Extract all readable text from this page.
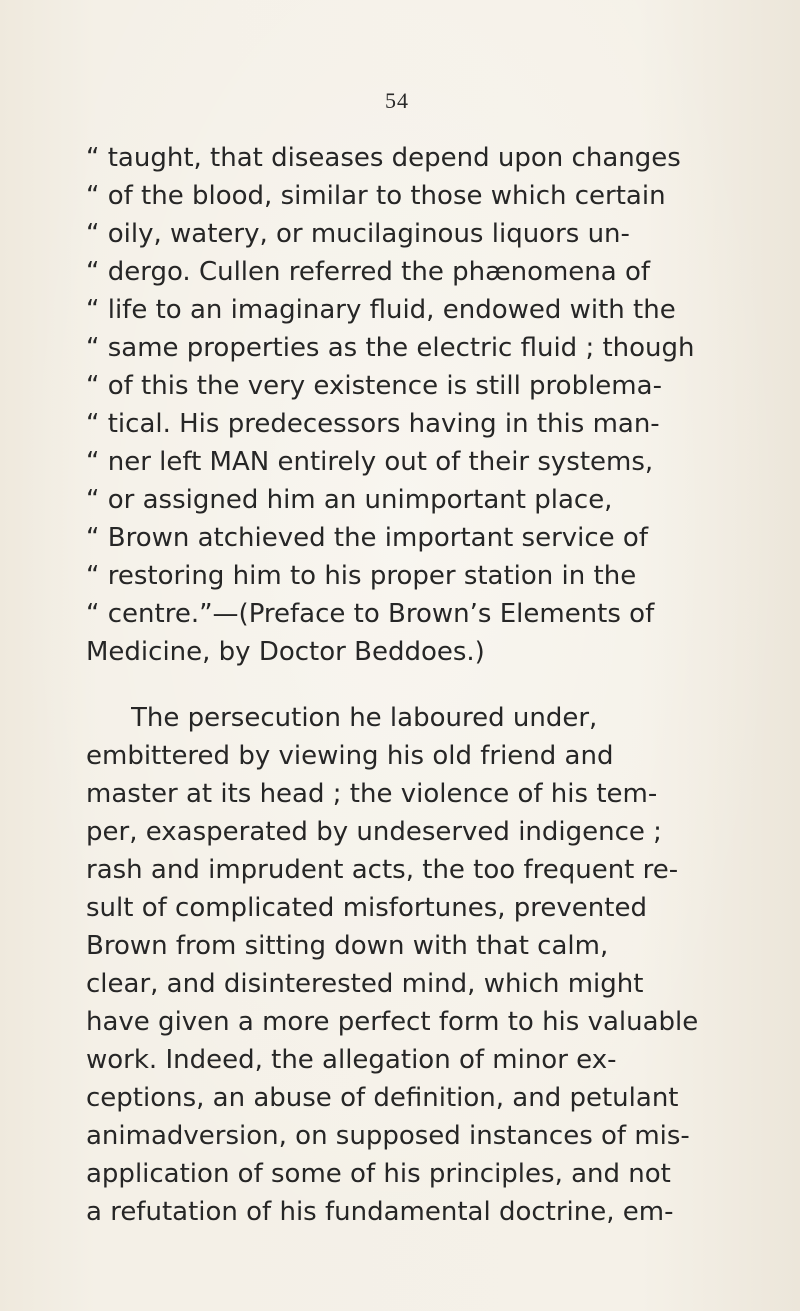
54
“ taught, that diseases depend upon changes
“ of the blood, similar to those which certain
“ oily, watery, or mucilaginous liquors un-
“ dergo. Cullen referred the phænomena of
“ life to an imaginary fluid, endowed with the
“ same properties as the electric fluid ; though
“ of this the very existence is still problema-
“ tical. His predecessors having in this man-
“ ner left MAN entirely out of their systems,
“ or assigned him an unimportant place,
“ Brown atchieved the important service of
“ restoring him to his proper station in the
“ centre.”—(Preface to Brown’s Elements of
Medicine, by Doctor Beddoes.)
The persecution he laboured under,
embittered by viewing his old friend and
master at its head ; the violence of his tem-
per, exasperated by undeserved indigence ;
rash and imprudent acts, the too frequent re-
sult of complicated misfortunes, prevented
Brown from sitting down with that calm,
clear, and disinterested mind, which might
have given a more perfect form to his valuable
work. Indeed, the allegation of minor ex-
ceptions, an abuse of definition, and petulant
animadversion, on supposed instances of mis-
application of some of his principles, and not
a refutation of his fundamental doctrine, em-
